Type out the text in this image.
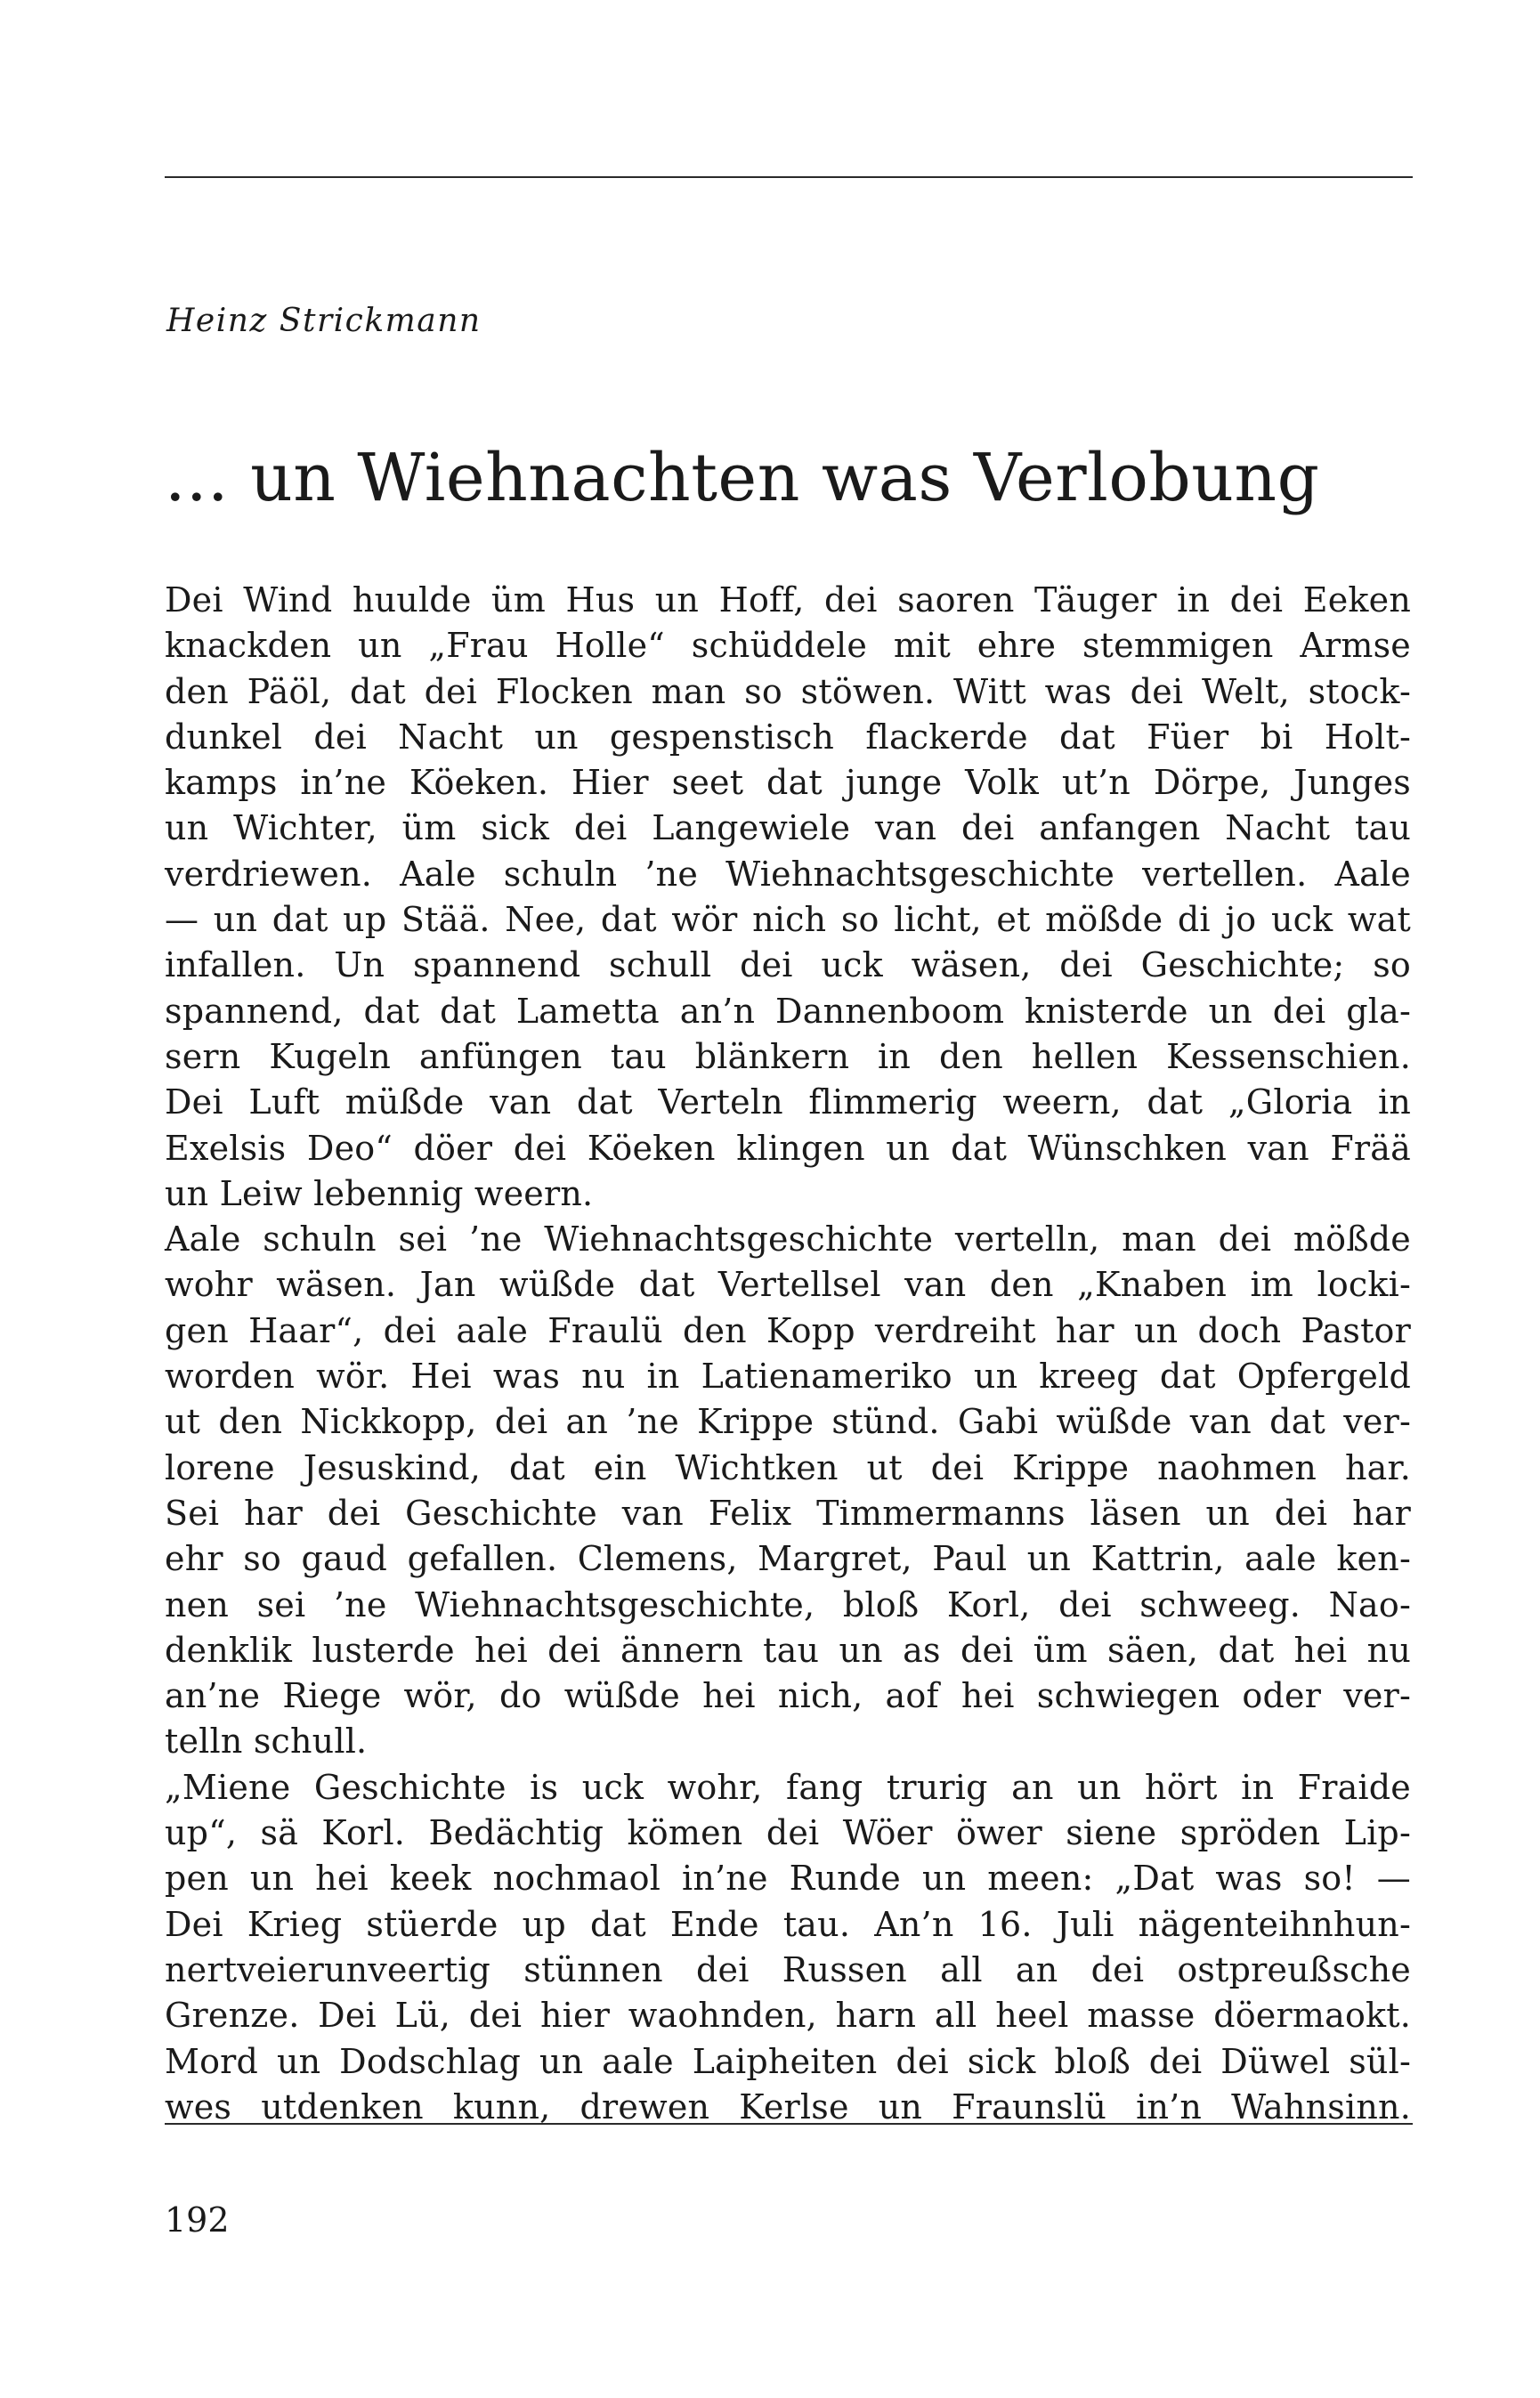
Heinz Strickmann
... un Wiehnachten was Verlobung
Dei Wind huulde üm Hus un Hoff, dei saoren Täuger in dei Eeken
knackden un „Frau Holle“ schüddele mit ehre stemmigen Armse
den Päöl, dat dei Flocken man so stöwen. Witt was dei Welt, stock-
dunkel dei Nacht un gespenstisch flackerde dat Füer bi Holt-
kamps in’ne Köeken. Hier seet dat junge Volk ut’n Dörpe, Junges
un Wichter, üm sick dei Langewiele van dei anfangen Nacht tau
verdriewen. Aale schuln ’ne Wiehnachtsgeschichte vertellen. Aale
— un dat up Stää. Nee, dat wör nich so licht, et mößde di jo uck wat
infallen. Un spannend schull dei uck wäsen, dei Geschichte; so
spannend, dat dat Lametta an’n Dannenboom knisterde un dei gla-
sern Kugeln anfüngen tau blänkern in den hellen Kessenschien.
Dei Luft müßde van dat Verteln flimmerig weern, dat „Gloria in
Exelsis Deo“ döer dei Köeken klingen un dat Wünschken van Frää
un Leiw lebennig weern.
Aale schuln sei ’ne Wiehnachtsgeschichte vertelln, man dei mößde
wohr wäsen. Jan wüßde dat Vertellsel van den „Knaben im locki-
gen Haar“, dei aale Fraulü den Kopp verdreiht har un doch Pastor
worden wör. Hei was nu in Latienameriko un kreeg dat Opfergeld
ut den Nickkopp, dei an ’ne Krippe stünd. Gabi wüßde van dat ver-
lorene Jesuskind, dat ein Wichtken ut dei Krippe naohmen har.
Sei har dei Geschichte van Felix Timmermanns läsen un dei har
ehr so gaud gefallen. Clemens, Margret, Paul un Kattrin, aale ken-
nen sei ’ne Wiehnachtsgeschichte, bloß Korl, dei schweeg. Nao-
denklik lusterde hei dei ännern tau un as dei üm säen, dat hei nu
an’ne Riege wör, do wüßde hei nich, aof hei schwiegen oder ver-
telln schull.
„Miene Geschichte is uck wohr, fang trurig an un hört in Fraide
up“, sä Korl. Bedächtig kömen dei Wöer öwer siene spröden Lip-
pen un hei keek nochmaol in’ne Runde un meen: „Dat was so! —
Dei Krieg stüerde up dat Ende tau. An’n 16. Juli nägenteihnhun-
nertveierunveertig stünnen dei Russen all an dei ostpreußsche
Grenze. Dei Lü, dei hier waohnden, harn all heel masse döermaokt.
Mord un Dodschlag un aale Laipheiten dei sick bloß dei Düwel sül-
wes utdenken kunn, drewen Kerlse un Fraunslü in’n Wahnsinn.
192
